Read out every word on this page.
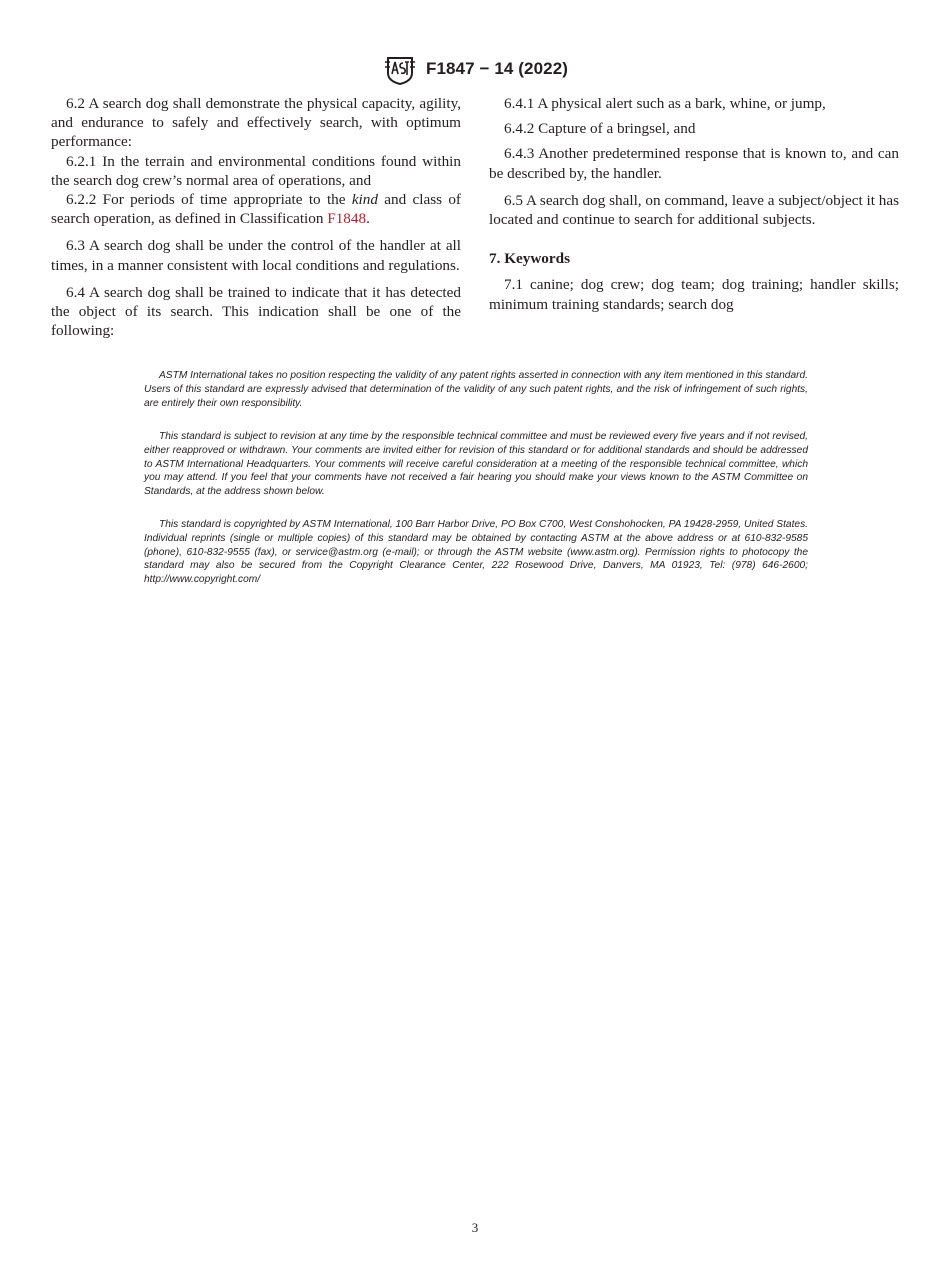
F1847 − 14 (2022)

6.2 A search dog shall demonstrate the physical capacity, agility, and endurance to safely and effectively search, with optimum performance:

6.2.1 In the terrain and environmental conditions found within the search dog crew’s normal area of operations, and

6.2.2 For periods of time appropriate to the kind and class of search operation, as defined in Classification F1848.

6.3 A search dog shall be under the control of the handler at all times, in a manner consistent with local conditions and regulations.

6.4 A search dog shall be trained to indicate that it has detected the object of its search. This indication shall be one of the following:

6.4.1 A physical alert such as a bark, whine, or jump,

6.4.2 Capture of a bringsel, and

6.4.3 Another predetermined response that is known to, and can be described by, the handler.

6.5 A search dog shall, on command, leave a subject/object it has located and continue to search for additional subjects.

7. Keywords

7.1 canine; dog crew; dog team; dog training; handler skills; minimum training standards; search dog

ASTM International takes no position respecting the validity of any patent rights asserted in connection with any item mentioned in this standard. Users of this standard are expressly advised that determination of the validity of any such patent rights, and the risk of infringement of such rights, are entirely their own responsibility.

This standard is subject to revision at any time by the responsible technical committee and must be reviewed every five years and if not revised, either reapproved or withdrawn. Your comments are invited either for revision of this standard or for additional standards and should be addressed to ASTM International Headquarters. Your comments will receive careful consideration at a meeting of the responsible technical committee, which you may attend. If you feel that your comments have not received a fair hearing you should make your views known to the ASTM Committee on Standards, at the address shown below.

This standard is copyrighted by ASTM International, 100 Barr Harbor Drive, PO Box C700, West Conshohocken, PA 19428-2959, United States. Individual reprints (single or multiple copies) of this standard may be obtained by contacting ASTM at the above address or at 610-832-9585 (phone), 610-832-9555 (fax), or service@astm.org (e-mail); or through the ASTM website (www.astm.org). Permission rights to photocopy the standard may also be secured from the Copyright Clearance Center, 222 Rosewood Drive, Danvers, MA 01923, Tel: (978) 646-2600; http://www.copyright.com/

3
